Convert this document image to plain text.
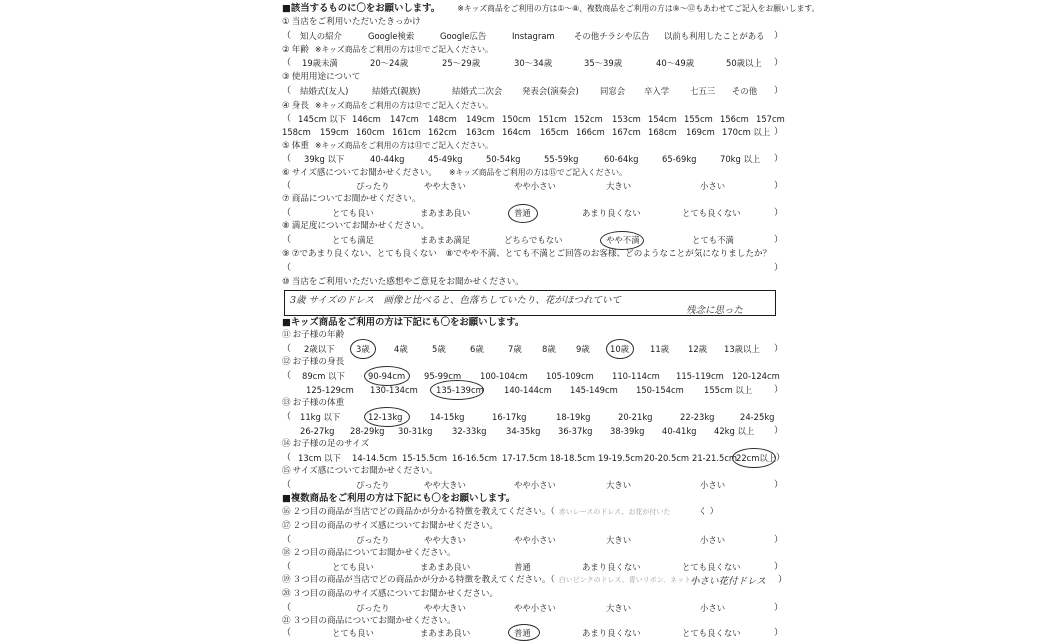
■該当するものに〇をお願いします。 ※キッズ商品をご利用の方は①〜⑧、複数商品をご利用の方は⑨〜⑫もあわせてご記入をお願いします。
① 当店をご利用いただいたきっかけ
（ 知人の紹介	Google検索	Google広告	Instagram その他チラシや広告 以前も利用したことがある ）
② 年齢 ※キッズ商品をご利用の方は⑪でご記入ください。
（ 19歳未満	20〜24歳	25〜29歳	30〜34歳	35〜39歳	40〜49歳	50歳以上 ）
③ 使用用途について
（ 結婚式(友人)	結婚式(親族)	結婚式二次会 発表会(演奏会)	同窓会 卒入学 七五三 その他 ）
④ 身長 ※キッズ商品をご利用の方は⑫でご記入ください。
（ 145cm 以下 146cm 147cm 148cm 149cm 150cm 151cm 152cm 153cm 154cm 155cm 156cm 157cm
158cm 159cm 160cm 161cm 162cm 163cm 164cm 165cm 166cm 167cm 168cm 169cm 170cm 以上 ）
⑤ 体重 ※キッズ商品をご利用の方は⑬でご記入ください。
（ 39kg 以下	40-44kg	45-49kg	50-54kg	55-59kg	60-64kg	65-69kg	70kg 以上 ）
⑥ サイズ感についてお聞かせください。 ※キッズ商品をご利用の方は⑮でご記入ください。
（	ぴったり	やや大きい	やや小さい	大きい	小さい	）
⑦ 商品についてお聞かせください。
（	とても良い	まあまあ良い	普通	あまり良くない	とても良くない	）
⑧ 満足度についてお聞かせください。
（	とても満足	まあまあ満足	どちらでもない	やや不満	とても不満	）
⑨ ⑦であまり良くない、とても良くない　⑧でやや不満、とても不満とご回答のお客様、どのようなことが気になりましたか？
（	）
⑩ 当店をご利用いただいた感想やご意見をお聞かせください。
3歳 サイズのドレス　画像と比べると、色落ちしていたり、花がほつれていて
残念に思った
■キッズ商品をご利用の方は下記にも〇をお願いします。
⑪ お子様の年齢
（ 2歳以下	3歳	4歳	5歳	6歳	7歳 8歳 9歳 10歳 11歳 12歳 13歳以上 ）
⑫ お子様の身長
（ 89cm 以下	90-94cm 95-99cm 100-104cm 105-109cm 110-114cm 115-119cm 120-124cm
125-129cm 130-134cm 135-139cm 140-144cm 145-149cm 150-154cm 155cm 以上 ）
⑬ お子様の体重
（ 11kg 以下	12-13kg	14-15kg	16-17kg	18-19kg	20-21kg	22-23kg	24-25kg
26-27kg 28-29kg 30-31kg 32-33kg 34-35kg 36-37kg 38-39kg 40-41kg 42kg 以上 ）
⑭ お子様の足のサイズ
（ 13cm 以下 14-14.5cm 15-15.5cm 16-16.5cm 17-17.5cm 18-18.5cm 19-19.5cm 20-20.5cm 21-21.5cm
22cm以上 ）
⑮ サイズ感についてお聞かせください。
（	ぴったり	やや大きい	やや小さい	大きい	小さい	）
■複数商品をご利用の方は下記にも〇をお願いします。
⑯ ２つ目の商品が当店でどの商品かが分かる特徴を教えてください。（ 赤いレースのドレス、お花が付いた	く ）
⑰ ２つ目の商品のサイズ感についてお聞かせください。
（	ぴったり	やや大きい	やや小さい	大きい	小さい	）
⑱ ２つ目の商品についてお聞かせください。
（	とても良い	まあまあ良い	普通	あまり良くない	とても良くない	）
⑲ ３つ目の商品が当店でどの商品かが分かる特徴を教えてください。（ 白いピンクのドレス、青いリボン、ネットの
小さい花付ドレス ）
⑳ ３つ目の商品のサイズ感についてお聞かせください。
（	ぴったり	やや大きい	やや小さい	大きい	小さい	）
㉑ ３つ目の商品についてお聞かせください。
（	とても良い	まあまあ良い	普通	あまり良くない	とても良くない	）
